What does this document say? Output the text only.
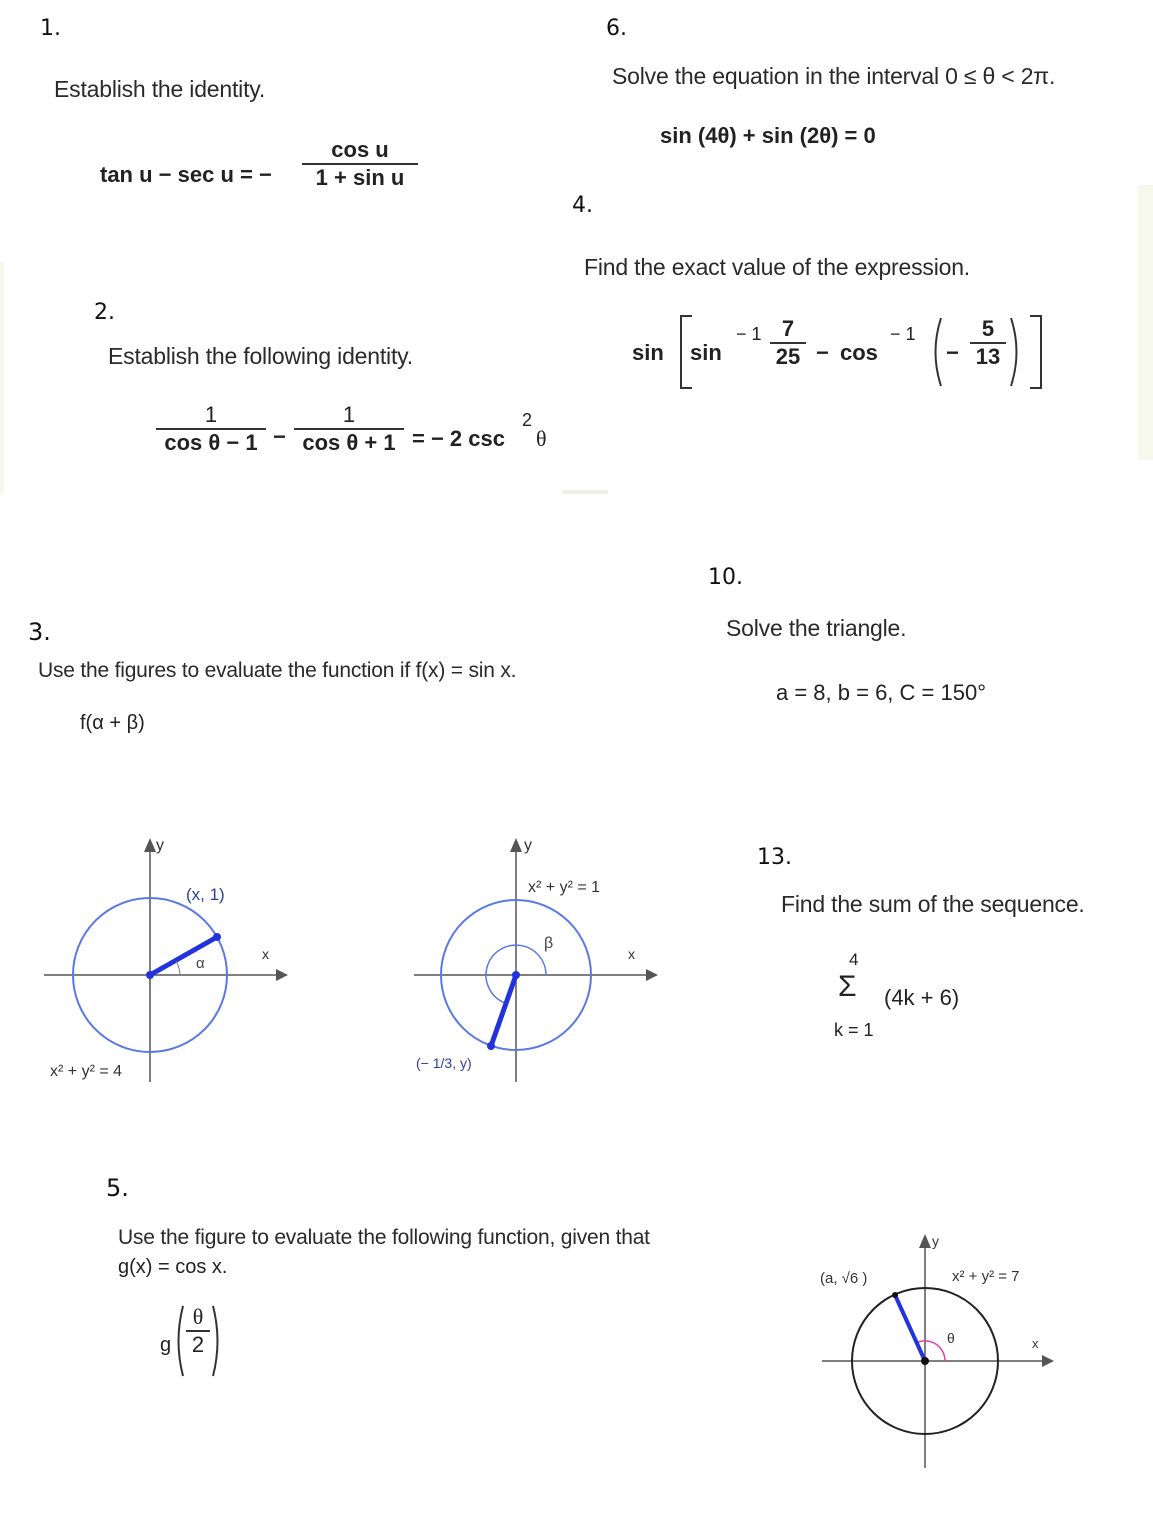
1.
Establish the identity.
tan u − sec u = −
cos u
1 + sin u
2.
Establish the following identity.
1
cos θ − 1 −
1
cos θ + 1 = − 2 csc
2
θ
6.
Solve the equation in the interval 0 ≤ θ < 2π.
sin (4θ) + sin (2θ) = 0
4.
Find the exact value of the expression.
sin sin
− 1 7
25 − cos
− 1
−
5
13
10.
Solve the triangle.
a = 8, b = 6, C = 150°
3.
Use the figures to evaluate the function if f(x) = sin x.
f(α + β)
y
x
(x, 1)
α
x² + y² = 4
y
x
x² + y² = 1
β
(− 1/3, y)
13.
Find the sum of the sequence.
4
Σ (4k + 6)
k = 1
5.
Use the figure to evaluate the following function, given that
g(x) = cos x.
g
θ
2
y
x
(a, √6 )	x² + y² = 7
θ
